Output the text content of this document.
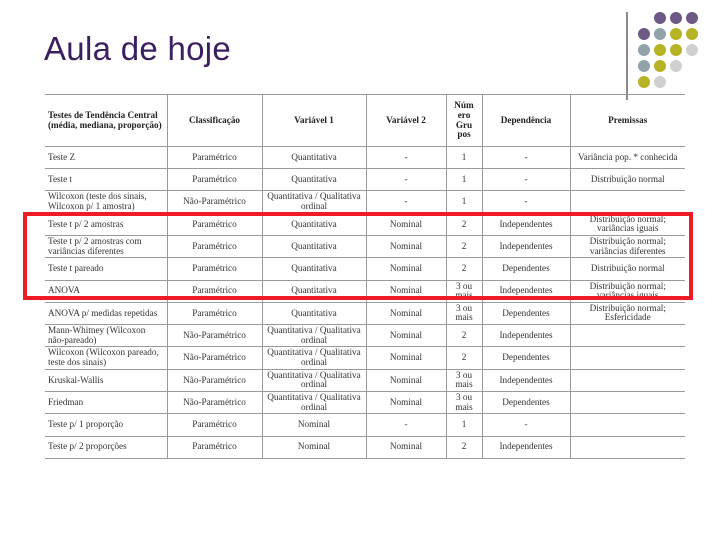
Aula de hoje
Testes de Tendência Central (média, mediana, proporção)	Classificação	Variável 1	Variável 2	Núm ero Gru pos	Dependência	Premissas
Teste Z	Paramétrico	Quantitativa	-	1	-	Variância pop. * conhecida
Teste t	Paramétrico	Quantitativa	-	1	-	Distribuição normal
Wilcoxon (teste dos sinais, Wilcoxon p/ 1 amostra)	Não-Paramétrico	Quantitativa / Qualitativa ordinal	-	1	-	
Teste t p/ 2 amostras	Paramétrico	Quantitativa	Nominal	2	Independentes	Distribuição normal; variâncias iguais
Teste t p/ 2 amostras com variâncias diferentes	Paramétrico	Quantitativa	Nominal	2	Independentes	Distribuição normal; variâncias diferentes
Teste t pareado	Paramétrico	Quantitativa	Nominal	2	Dependentes	Distribuição normal
ANOVA	Paramétrico	Quantitativa	Nominal	3 ou mais	Independentes	Distribuição normal; variâncias iguais
ANOVA p/ medidas repetidas	Paramétrico	Quantitativa	Nominal	3 ou mais	Dependentes	Distribuição normal; Esfericidade
Mann-Whitney (Wilcoxon não-pareado)	Não-Paramétrico	Quantitativa / Qualitativa ordinal	Nominal	2	Independentes	
Wilcoxon (Wilcoxon pareado, teste dos sinais)	Não-Paramétrico	Quantitativa / Qualitativa ordinal	Nominal	2	Dependentes	
Kruskal-Wallis	Não-Paramétrico	Quantitativa / Qualitativa ordinal	Nominal	3 ou mais	Independentes	
Friedman	Não-Paramétrico	Quantitativa / Qualitativa ordinal	Nominal	3 ou mais	Dependentes	
Teste p/ 1 proporção	Paramétrico	Nominal	-	1	-	
Teste p/ 2 proporções	Paramétrico	Nominal	Nominal	2	Independentes	
